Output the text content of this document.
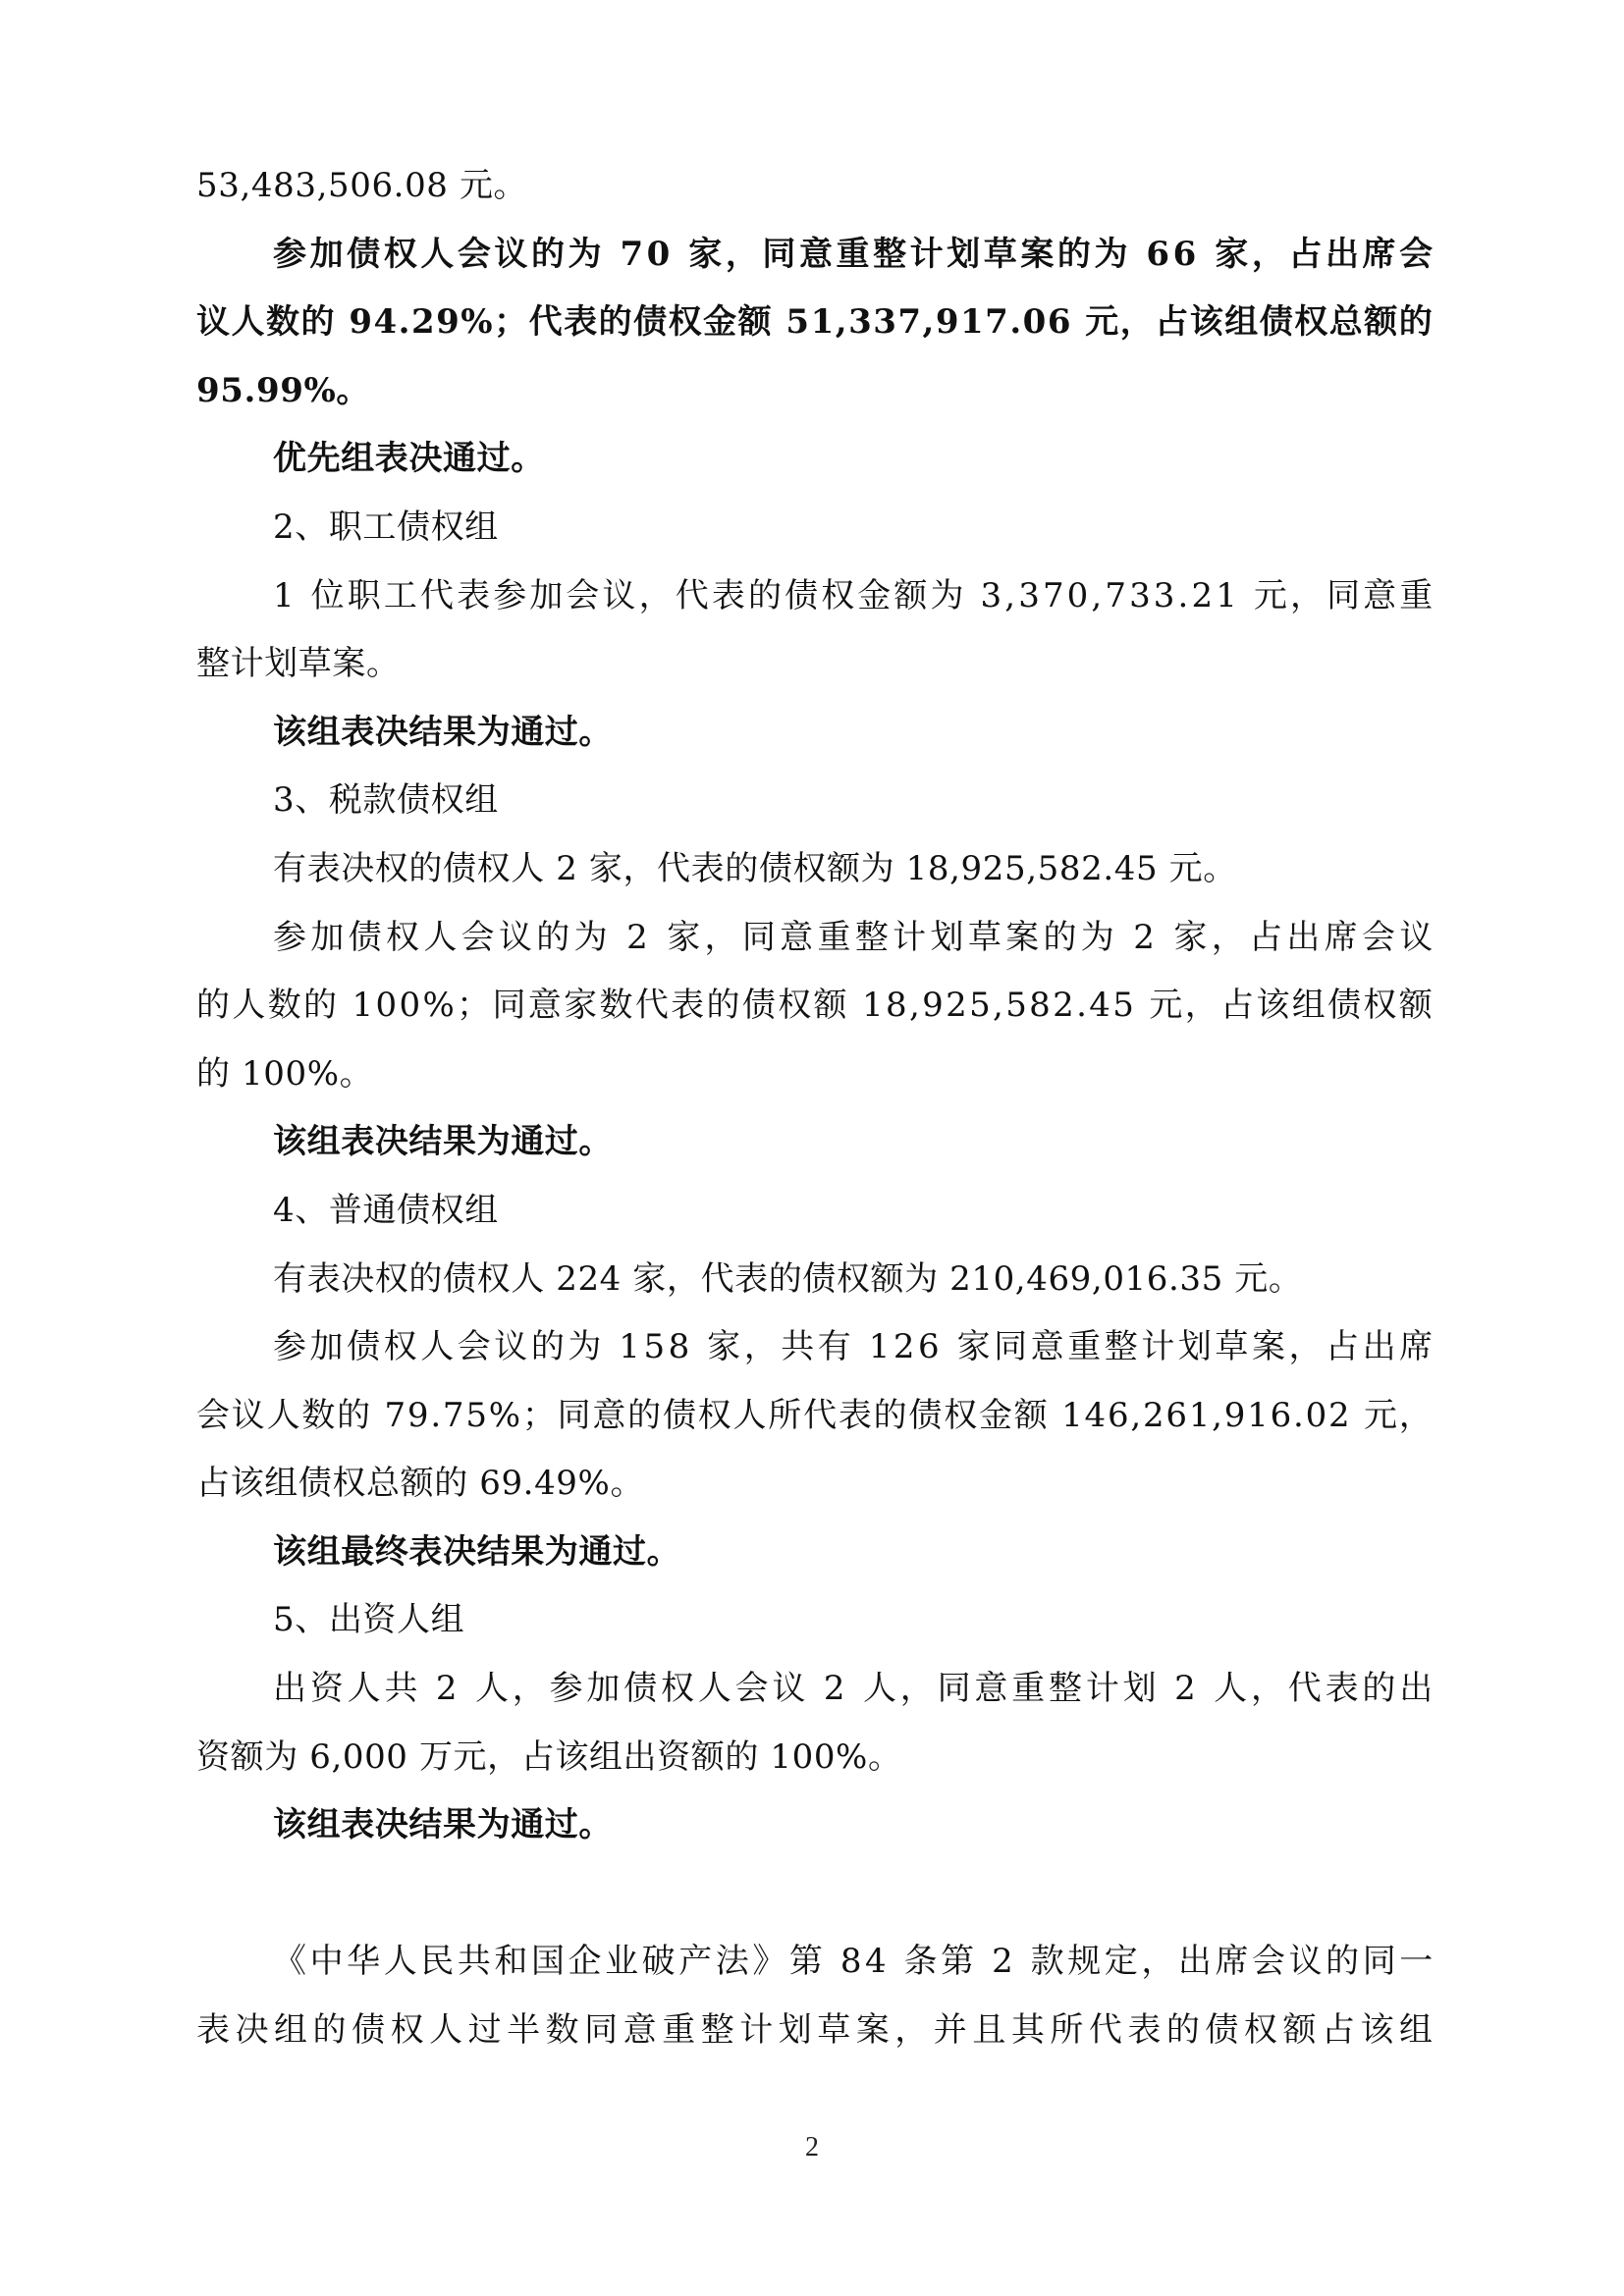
53,483,506.08 元。
参 加 债 权 人 会 议 的 为
7 0
家 ， 同 意 重 整 计 划 草 案 的 为
6 6
家 ， 占 出 席 会
议 人 数 的
9 4 . 2 9 % ； 代 表 的 债 权 金 额
5 1 , 3 3 7 , 9 1 7 . 0 6
元 ， 占 该 组 债 权 总 额 的
95.99%。
优先组表决通过。
2、职工债权组
1
位 职 工 代 表 参 加 会 议 ， 代 表 的 债 权 金 额 为
3 , 3 7 0 , 7 3 3 . 2 1
元 ， 同 意 重
整计划草案。
该组表决结果为通过。
3、税款债权组
有表决权的债权人 2 家，代表的债权额为 18,925,582.45 元。
参 加 债 权 人 会 议 的 为
2
家 ， 同 意 重 整 计 划 草 案 的 为
2
家 ， 占 出 席 会 议
的 人 数 的
1 0 0 % ； 同 意 家 数 代 表 的 债 权 额
1 8 , 9 2 5 , 5 8 2 . 4 5
元 ， 占 该 组 债 权 额
的 100%。
该组表决结果为通过。
4、普通债权组
有表决权的债权人 224 家，代表的债权额为 210,469,016.35 元。
参 加 债 权 人 会 议 的 为
1 5 8
家 ， 共 有
1 2 6
家 同 意 重 整 计 划 草 案 ， 占 出 席
会 议 人 数 的
7 9 . 7 5 % ； 同 意 的 债 权 人 所 代 表 的 债 权 金 额
1 4 6 , 2 6 1 , 9 1 6 . 0 2
元 ，
占该组债权总额的 69.49%。
该组最终表决结果为通过。
5、出资人组
出 资 人 共
2
人 ， 参 加 债 权 人 会 议
2
人 ， 同 意 重 整 计 划
2
人 ， 代 表 的 出
资额为 6,000 万元，占该组出资额的 100%。
该组表决结果为通过。
《 中 华 人 民 共 和 国 企 业 破 产 法 》 第
8 4
条 第
2
款 规 定 ， 出 席 会 议 的 同 一
表 决 组 的 债 权 人 过 半 数 同 意 重 整 计 划 草 案 ， 并 且 其 所 代 表 的 债 权 额 占 该 组
2
